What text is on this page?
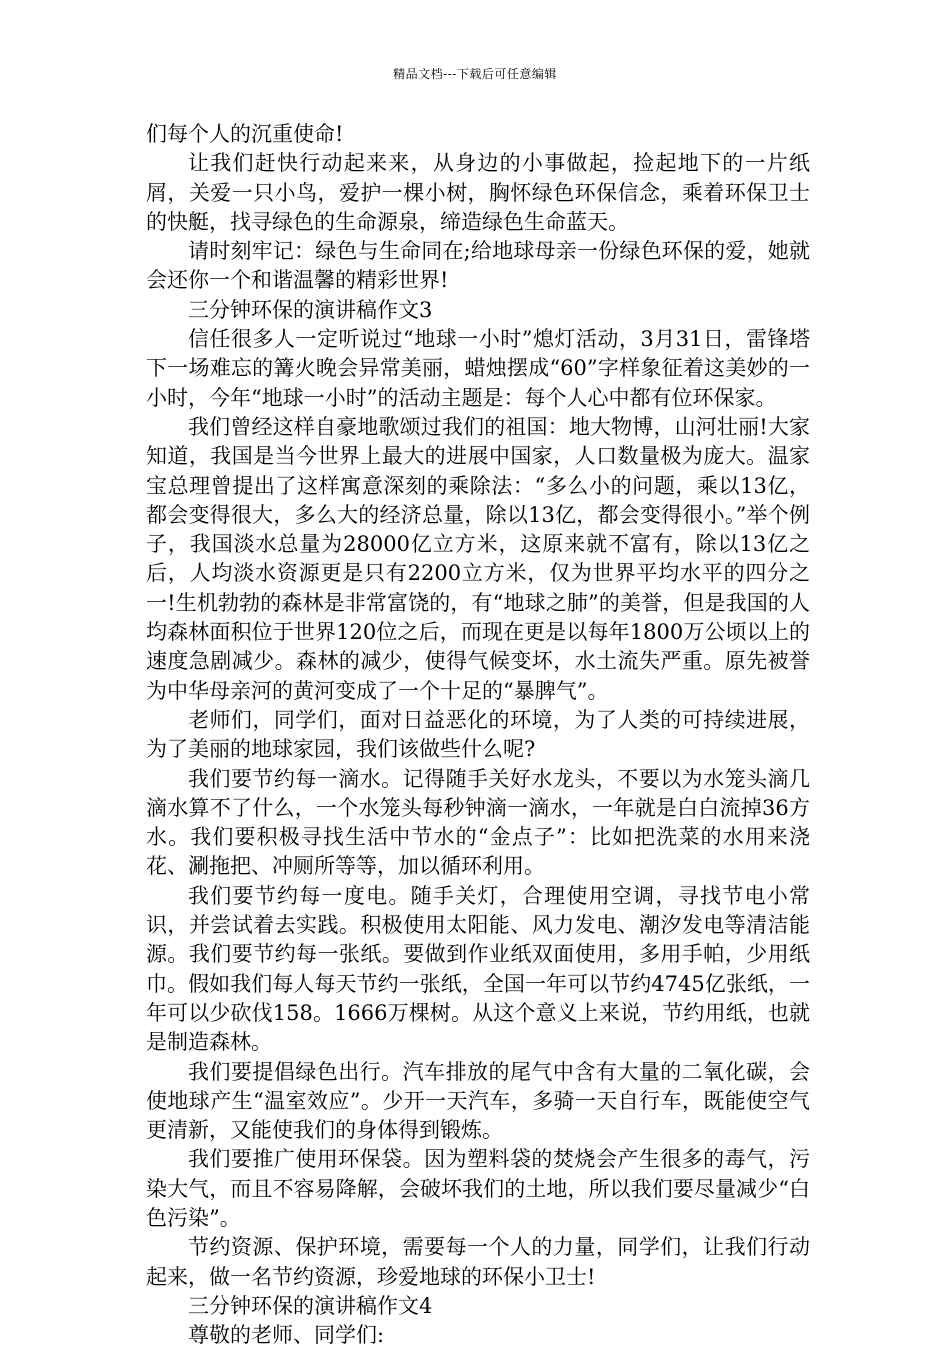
精品文档---下载后可任意编辑

们每个人的沉重使命!

让我们赶快行动起来来，从身边的小事做起，捡起地下的一片纸屑，关爱一只小鸟，爱护一棵小树，胸怀绿色环保信念，乘着环保卫士的快艇，找寻绿色的生命源泉，缔造绿色生命蓝天。

请时刻牢记：绿色与生命同在;给地球母亲一份绿色环保的爱，她就会还你一个和谐温馨的精彩世界!

三分钟环保的演讲稿作文3

信任很多人一定听说过“地球一小时”熄灯活动，3月31日，雷锋塔下一场难忘的篝火晚会异常美丽，蜡烛摆成“60”字样象征着这美妙的一小时，今年“地球一小时”的活动主题是：每个人心中都有位环保家。

我们曾经这样自豪地歌颂过我们的祖国：地大物博，山河壮丽!大家知道，我国是当今世界上最大的进展中国家，人口数量极为庞大。温家宝总理曾提出了这样寓意深刻的乘除法：“多么小的问题，乘以13亿，都会变得很大，多么大的经济总量，除以13亿，都会变得很小。”举个例子，我国淡水总量为28000亿立方米，这原来就不富有，除以13亿之后，人均淡水资源更是只有2200立方米，仅为世界平均水平的四分之一!生机勃勃的森林是非常富饶的，有“地球之肺”的美誉，但是我国的人均森林面积位于世界120位之后，而现在更是以每年1800万公顷以上的速度急剧减少。森林的减少，使得气候变坏，水土流失严重。原先被誉为中华母亲河的黄河变成了一个十足的“暴脾气”。

老师们，同学们，面对日益恶化的环境，为了人类的可持续进展，为了美丽的地球家园，我们该做些什么呢?

我们要节约每一滴水。记得随手关好水龙头，不要以为水笼头滴几滴水算不了什么，一个水笼头每秒钟滴一滴水，一年就是白白流掉36方水。我们要积极寻找生活中节水的“金点子”：比如把洗菜的水用来浇花、涮拖把、冲厕所等等，加以循环利用。

我们要节约每一度电。随手关灯，合理使用空调，寻找节电小常识，并尝试着去实践。积极使用太阳能、风力发电、潮汐发电等清洁能源。我们要节约每一张纸。要做到作业纸双面使用，多用手帕，少用纸巾。假如我们每人每天节约一张纸，全国一年可以节约4745亿张纸，一年可以少砍伐158。1666万棵树。从这个意义上来说，节约用纸，也就是制造森林。

我们要提倡绿色出行。汽车排放的尾气中含有大量的二氧化碳，会使地球产生“温室效应”。少开一天汽车，多骑一天自行车，既能使空气更清新，又能使我们的身体得到锻炼。

我们要推广使用环保袋。因为塑料袋的焚烧会产生很多的毒气，污染大气，而且不容易降解，会破坏我们的土地，所以我们要尽量减少“白色污染”。

节约资源、保护环境，需要每一个人的力量，同学们，让我们行动起来，做一名节约资源，珍爱地球的环保小卫士!

三分钟环保的演讲稿作文4

尊敬的老师、同学们:
